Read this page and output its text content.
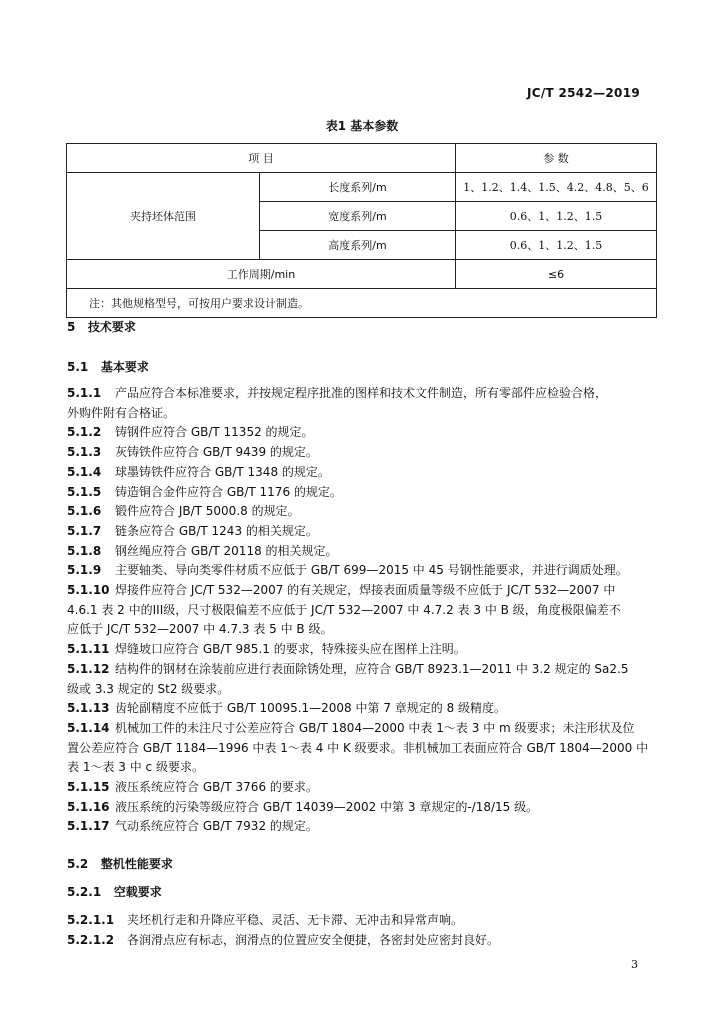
JC/T 2542—2019
表1 基本参数
项 目		参 数
夹持坯体范围	长度系列/m	1、1.2、1.4、1.5、4.2、4.8、5、6
	宽度系列/m	0.6、1、1.2、1.5
	高度系列/m	0.6、1、1.2、1.5
工作周期/min		≤6
注：其他规格型号，可按用户要求设计制造。		

5 技术要求

5.1 基本要求

5.1.1 产品应符合本标准要求，并按规定程序批准的图样和技术文件制造，所有零部件应检验合格，

外购件附有合格证。

5.1.2 铸钢件应符合 GB/T 11352 的规定。

5.1.3 灰铸铁件应符合 GB/T 9439 的规定。

5.1.4 球墨铸铁件应符合 GB/T 1348 的规定。

5.1.5 铸造铜合金件应符合 GB/T 1176 的规定。

5.1.6 锻件应符合 JB/T 5000.8 的规定。

5.1.7 链条应符合 GB/T 1243 的相关规定。

5.1.8 钢丝绳应符合 GB/T 20118 的相关规定。

5.1.9 主要轴类、导向类零件材质不应低于 GB/T 699—2015 中 45 号钢性能要求，并进行调质处理。

5.1.10 焊接件应符合 JC/T 532—2007 的有关规定，焊接表面质量等级不应低于 JC/T 532—2007 中

4.6.1 表 2 中的III级，尺寸极限偏差不应低于 JC/T 532—2007 中 4.7.2 表 3 中 B 级，角度极限偏差不

应低于 JC/T 532—2007 中 4.7.3 表 5 中 B 级。

5.1.11 焊缝坡口应符合 GB/T 985.1 的要求，特殊接头应在图样上注明。

5.1.12 结构件的钢材在涂装前应进行表面除锈处理，应符合 GB/T 8923.1—2011 中 3.2 规定的 Sa2.5

级或 3.3 规定的 St2 级要求。

5.1.13 齿轮副精度不应低于 GB/T 10095.1—2008 中第 7 章规定的 8 级精度。

5.1.14 机械加工件的未注尺寸公差应符合 GB/T 1804—2000 中表 1～表 3 中 m 级要求；未注形状及位

置公差应符合 GB/T 1184—1996 中表 1～表 4 中 K 级要求。非机械加工表面应符合 GB/T 1804—2000 中

表 1～表 3 中 c 级要求。

5.1.15 液压系统应符合 GB/T 3766 的要求。

5.1.16 液压系统的污染等级应符合 GB/T 14039—2002 中第 3 章规定的-/18/15 级。

5.1.17 气动系统应符合 GB/T 7932 的规定。

5.2 整机性能要求

5.2.1 空载要求

5.2.1.1 夹坯机行走和升降应平稳、灵活、无卡滞、无冲击和异常声响。

5.2.1.2 各润滑点应有标志，润滑点的位置应安全便捷，各密封处应密封良好。

3
